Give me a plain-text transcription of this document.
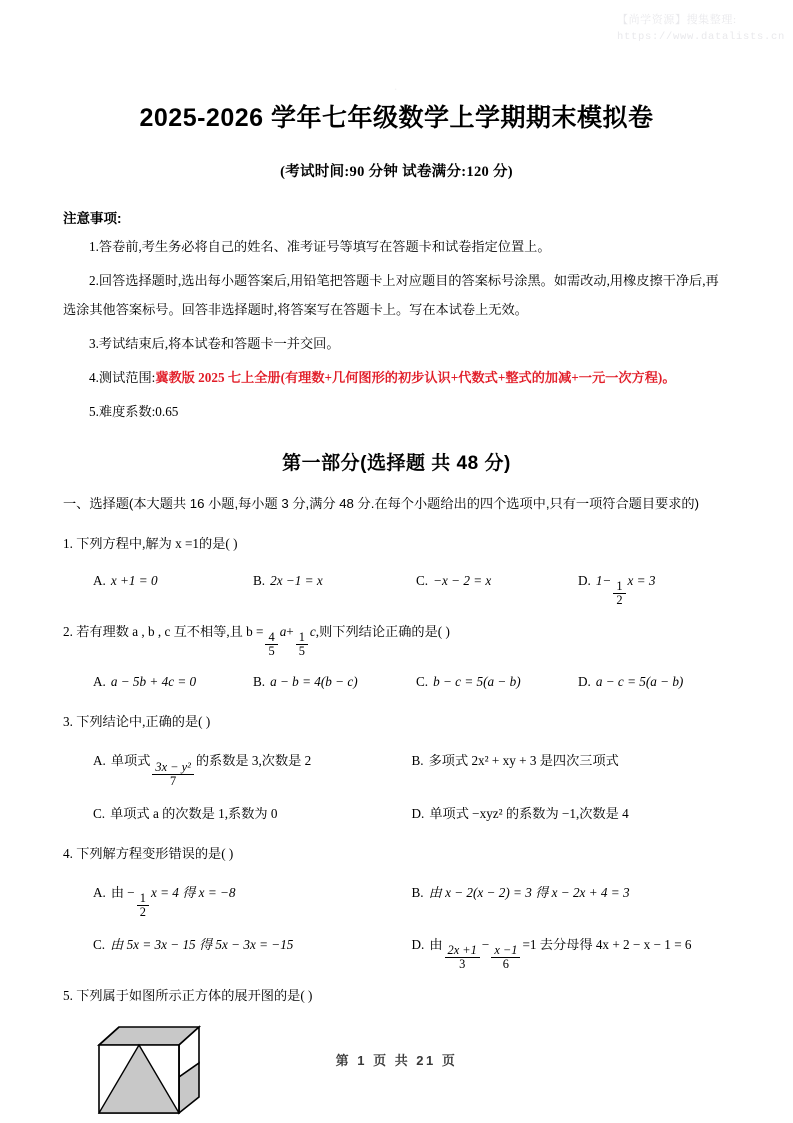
【尚学资源】搜集整理:
https://www.datalists.cn
.
2025-2026 学年七年级数学上学期期末模拟卷
(考试时间:90 分钟 试卷满分:120 分)
注意事项:
1.答卷前,考生务必将自己的姓名、准考证号等填写在答题卡和试卷指定位置上。
2.回答选择题时,选出每小题答案后,用铅笔把答题卡上对应题目的答案标号涂黑。如需改动,用橡皮擦干净后,再选涂其他答案标号。回答非选择题时,将答案写在答题卡上。写在本试卷上无效。
3.考试结束后,将本试卷和答题卡一并交回。
4.测试范围:冀教版 2025 七上全册(有理数+几何图形的初步认识+代数式+整式的加减+一元一次方程)。
5.难度系数:0.65
第一部分(选择题 共 48 分)
一、选择题(本大题共 16 小题,每小题 3 分,满分 48 分.在每个小题给出的四个选项中,只有一项符合题目要求的)
1. 下列方程中,解为 x =1的是( )
A. x +1 = 0	B. 2x −1 = x	C. −x − 2 = x	D. $1- \frac{1}{2}$ x = 3
2. 若有理数 a , b , c 互不相等,且 $b = \frac{4}{5} a+ \frac{1}{5} c$,则下列结论正确的是( )
A. a − 5b + 4c = 0	B. a − b = 4(b − c)	C. b − c = 5(a − b)	D. a − c = 5(a − b)
3. 下列结论中,正确的是( )
A. 单项式 $\frac{\text{3x − y²}}{7}$ 的系数是 3,次数是 2	B. 多项式 2x² + xy + 3 是四次三项式
C. 单项式 a 的次数是 1,系数为 0	D. 单项式 −xyz² 的系数为 −1,次数是 4
4. 下列解方程变形错误的是( )
A. 由 − $\frac{1}{2}$ x = 4 得 x = −8	B. 由 x − 2(x − 2) = 3 得 x − 2x + 4 = 3
C. 由 5x = 3x − 15 得 5x − 3x = −15	D. 由 $\frac{2x +1}{3} - \frac{x -1}{6} =1$ 去分母得 4x + 2 − x − 1 = 6
5. 下列属于如图所示正方体的展开图的是( )
第 1 页 共 21 页
